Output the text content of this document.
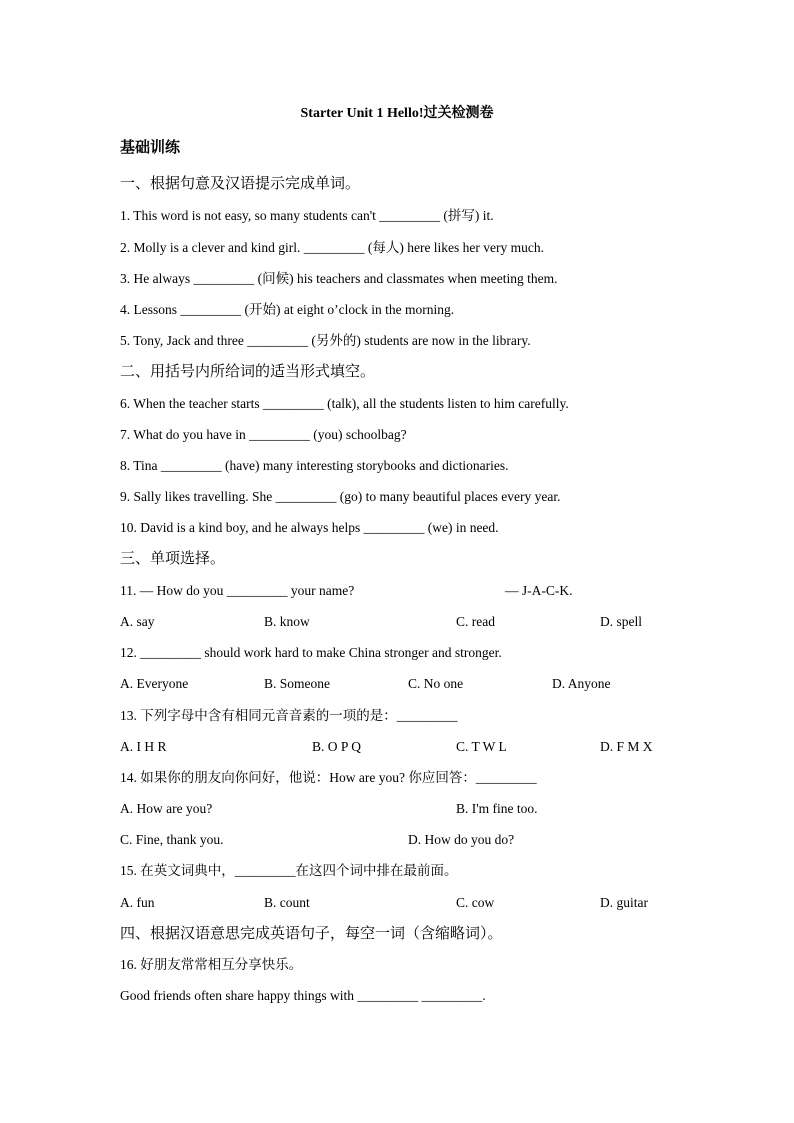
Starter Unit 1 Hello!过关检测卷
基础训练
一、根据句意及汉语提示完成单词。
1. This word is not easy, so many students can't _________ (拼写) it.
2. Molly is a clever and kind girl. _________ (每人) here likes her very much.
3. He always _________ (问候) his teachers and classmates when meeting them.
4. Lessons _________ (开始) at eight o’clock in the morning.
5. Tony, Jack and three _________ (另外的) students are now in the library.
二、用括号内所给词的适当形式填空。
6. When the teacher starts _________ (talk), all the students listen to him carefully.
7. What do you have in _________ (you) schoolbag?
8. Tina _________ (have) many interesting storybooks and dictionaries.
9. Sally likes travelling. She _________ (go) to many beautiful places every year.
10. David is a kind boy, and he always helps _________ (we) in need.
三、单项选择。
11. — How do you _________ your name?	— J-A-C-K.
A. say	B. know	C. read	D. spell
12. _________ should work hard to make China stronger and stronger.
A. Everyone	B. Someone	C. No one	D. Anyone
13. 下列字母中含有相同元音音素的一项的是：_________
A. I H R	B. O P Q	C. T W L	D. F M X
14. 如果你的朋友向你问好，他说：How are you? 你应回答：_________
A. How are you?	B. I'm fine too.
C. Fine, thank you.	D. How do you do?
15. 在英文词典中，_________在这四个词中排在最前面。
A. fun	B. count	C. cow	D. guitar
四、根据汉语意思完成英语句子，每空一词（含缩略词）。
16. 好朋友常常相互分享快乐。
Good friends often share happy things with _________ _________.
